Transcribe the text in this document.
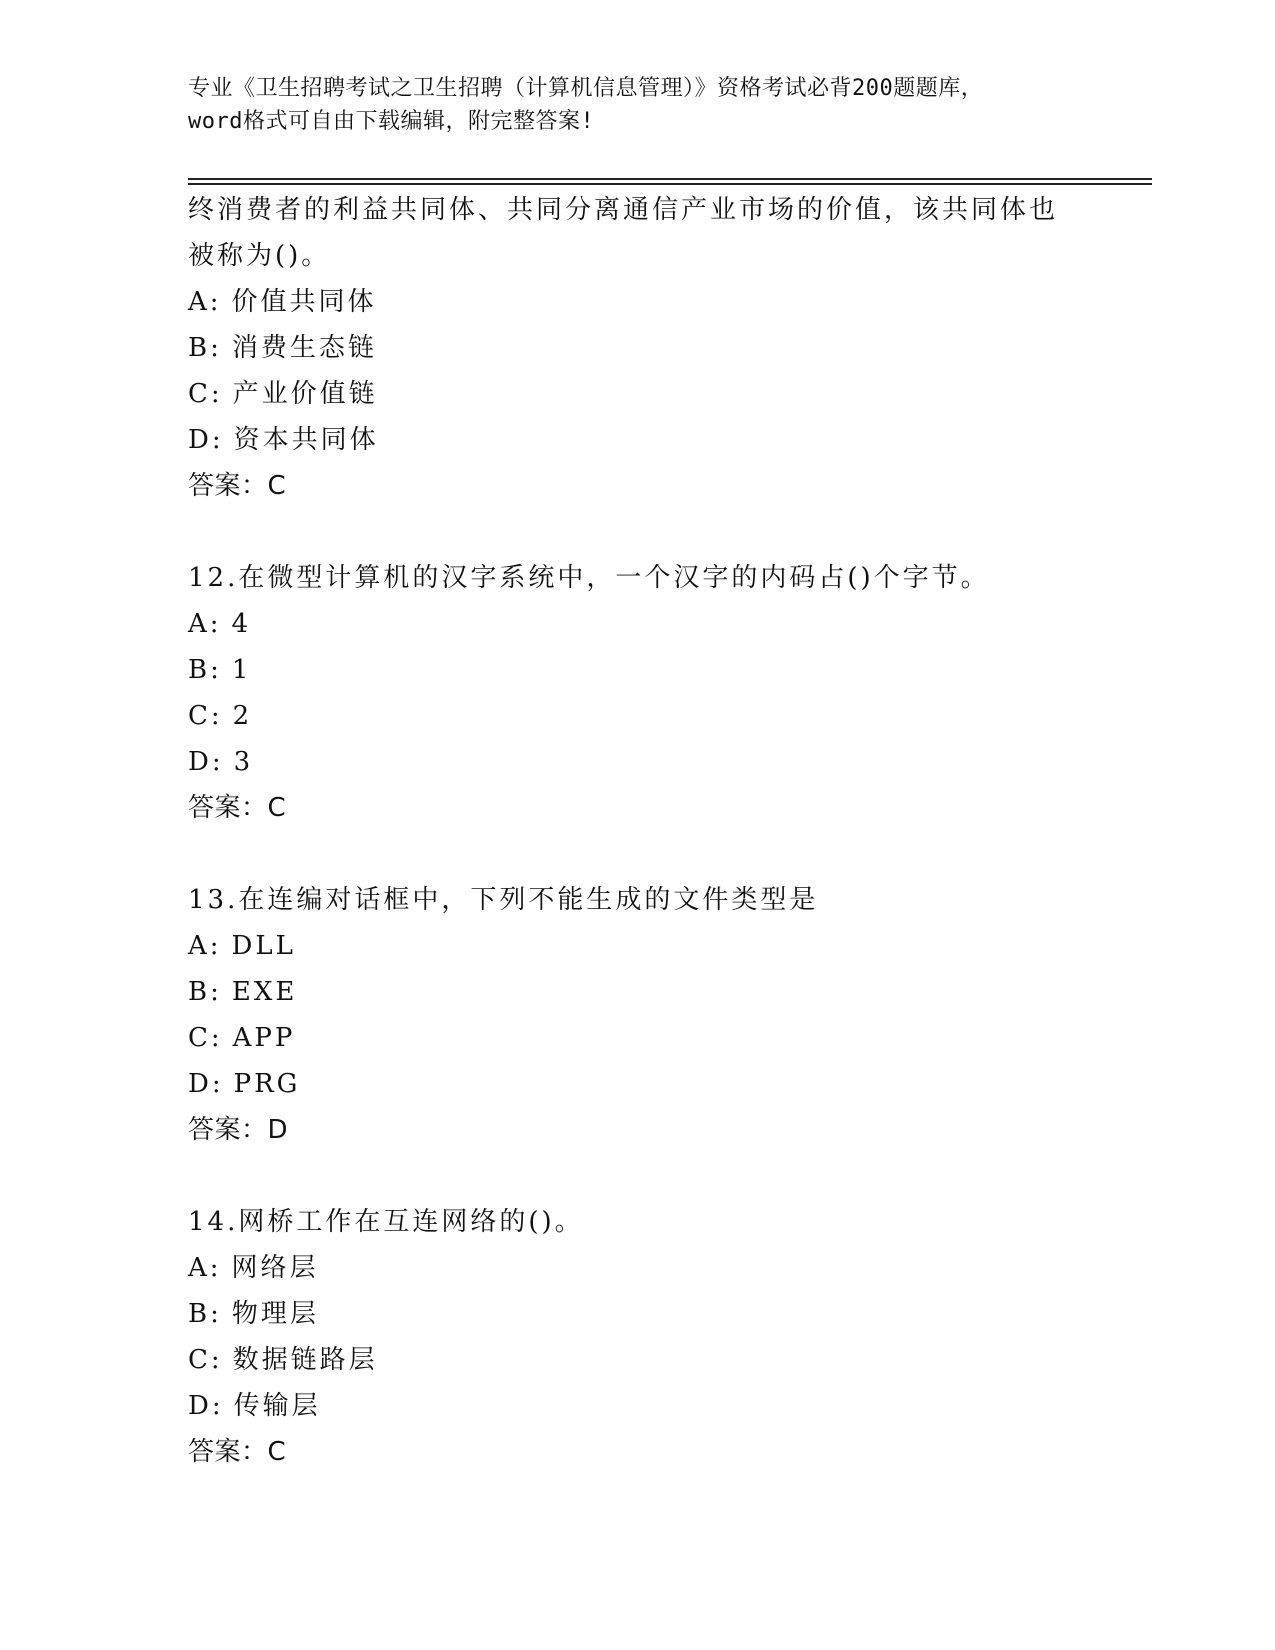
专业《卫生招聘考试之卫生招聘（计算机信息管理）》资格考试必背200题题库，
word格式可自由下载编辑，附完整答案!
终消费者的利益共同体、共同分离通信产业市场的价值，该共同体也
被称为()。
A: 价值共同体
B: 消费生态链
C: 产业价值链
D: 资本共同体
答案：C
12.在微型计算机的汉字系统中，一个汉字的内码占()个字节。
A: 4
B: 1
C: 2
D: 3
答案：C
13.在连编对话框中，下列不能生成的文件类型是
A: DLL
B: EXE
C: APP
D: PRG
答案：D
14.网桥工作在互连网络的()。
A: 网络层
B: 物理层
C: 数据链路层
D: 传输层
答案：C
